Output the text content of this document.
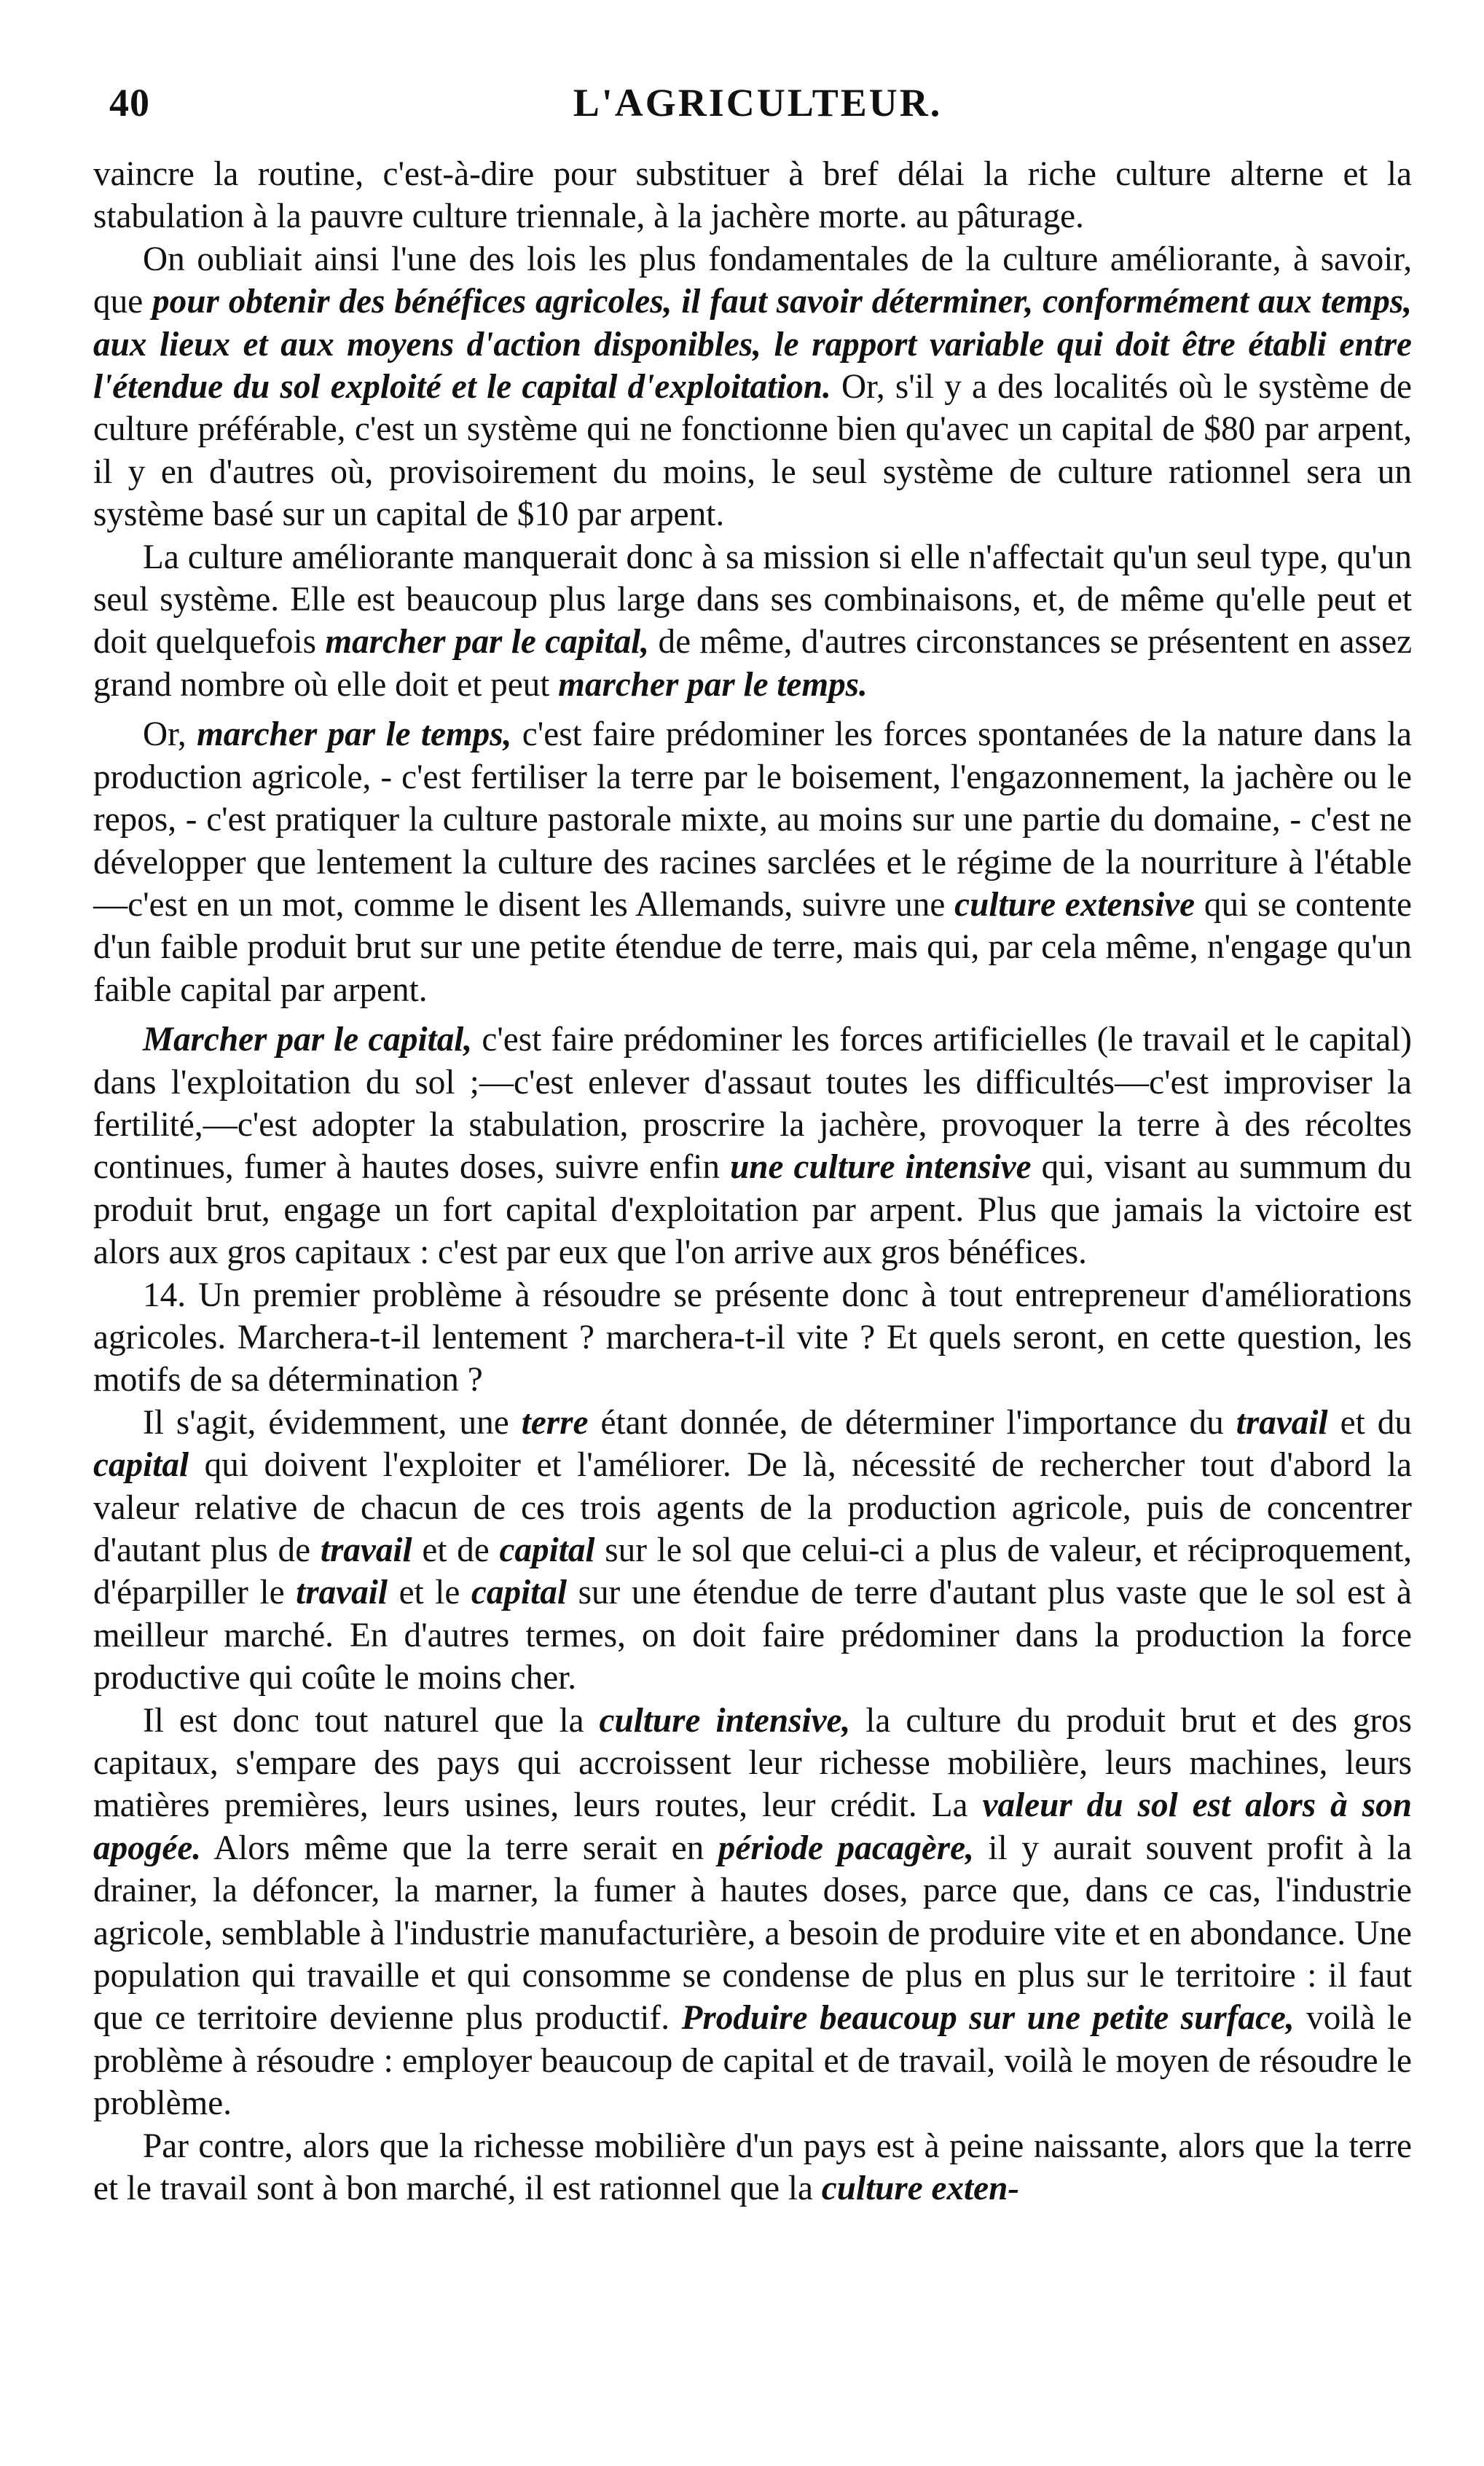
40	L'AGRICULTEUR.

vaincre la routine, c'est-à-dire pour substituer à bref délai la riche culture alterne et la stabulation à la pauvre culture triennale, à la jachère morte. au pâturage.

On oubliait ainsi l'une des lois les plus fondamentales de la culture améliorante, à savoir, que pour obtenir des bénéfices agricoles, il faut savoir déterminer, conformément aux temps, aux lieux et aux moyens d'action disponibles, le rapport variable qui doit être établi entre l'étendue du sol exploité et le capital d'exploitation. Or, s'il y a des localités où le système de culture préférable, c'est un système qui ne fonctionne bien qu'avec un capital de $80 par arpent, il y en d'autres où, provisoirement du moins, le seul système de culture rationnel sera un système basé sur un capital de $10 par arpent.

La culture améliorante manquerait donc à sa mission si elle n'affectait qu'un seul type, qu'un seul système. Elle est beaucoup plus large dans ses combinaisons, et, de même qu'elle peut et doit quelquefois marcher par le capital, de même, d'autres circonstances se présentent en assez grand nombre où elle doit et peut marcher par le temps.

Or, marcher par le temps, c'est faire prédominer les forces spontanées de la nature dans la production agricole, - c'est fertiliser la terre par le boisement, l'engazonnement, la jachère ou le repos, - c'est pratiquer la culture pastorale mixte, au moins sur une partie du domaine, - c'est ne développer que lentement la culture des racines sarclées et le régime de la nourriture à l'étable—c'est en un mot, comme le disent les Allemands, suivre une culture extensive qui se contente d'un faible produit brut sur une petite étendue de terre, mais qui, par cela même, n'engage qu'un faible capital par arpent.

Marcher par le capital, c'est faire prédominer les forces artificielles (le travail et le capital) dans l'exploitation du sol ;—c'est enlever d'assaut toutes les difficultés—c'est improviser la fertilité,—c'est adopter la stabulation, proscrire la jachère, provoquer la terre à des récoltes continues, fumer à hautes doses, suivre enfin une culture intensive qui, visant au summum du produit brut, engage un fort capital d'exploitation par arpent. Plus que jamais la victoire est alors aux gros capitaux : c'est par eux que l'on arrive aux gros bénéfices.

14. Un premier problème à résoudre se présente donc à tout entrepreneur d'améliorations agricoles. Marchera-t-il lentement ? marchera-t-il vite ? Et quels seront, en cette question, les motifs de sa détermination ?

Il s'agit, évidemment, une terre étant donnée, de déterminer l'importance du travail et du capital qui doivent l'exploiter et l'améliorer. De là, nécessité de rechercher tout d'abord la valeur relative de chacun de ces trois agents de la production agricole, puis de concentrer d'autant plus de travail et de capital sur le sol que celui-ci a plus de valeur, et réciproquement, d'éparpiller le travail et le capital sur une étendue de terre d'autant plus vaste que le sol est à meilleur marché. En d'autres termes, on doit faire prédominer dans la production la force productive qui coûte le moins cher.

Il est donc tout naturel que la culture intensive, la culture du produit brut et des gros capitaux, s'empare des pays qui accroissent leur richesse mobilière, leurs machines, leurs matières premières, leurs usines, leurs routes, leur crédit. La valeur du sol est alors à son apogée. Alors même que la terre serait en période pacagère, il y aurait souvent profit à la drainer, la défoncer, la marner, la fumer à hautes doses, parce que, dans ce cas, l'industrie agricole, semblable à l'industrie manufacturière, a besoin de produire vite et en abondance. Une population qui travaille et qui consomme se condense de plus en plus sur le territoire : il faut que ce territoire devienne plus productif. Produire beaucoup sur une petite surface, voilà le problème à résoudre : employer beaucoup de capital et de travail, voilà le moyen de résoudre le problème.

Par contre, alors que la richesse mobilière d'un pays est à peine naissante, alors que la terre et le travail sont à bon marché, il est rationnel que la culture exten-
